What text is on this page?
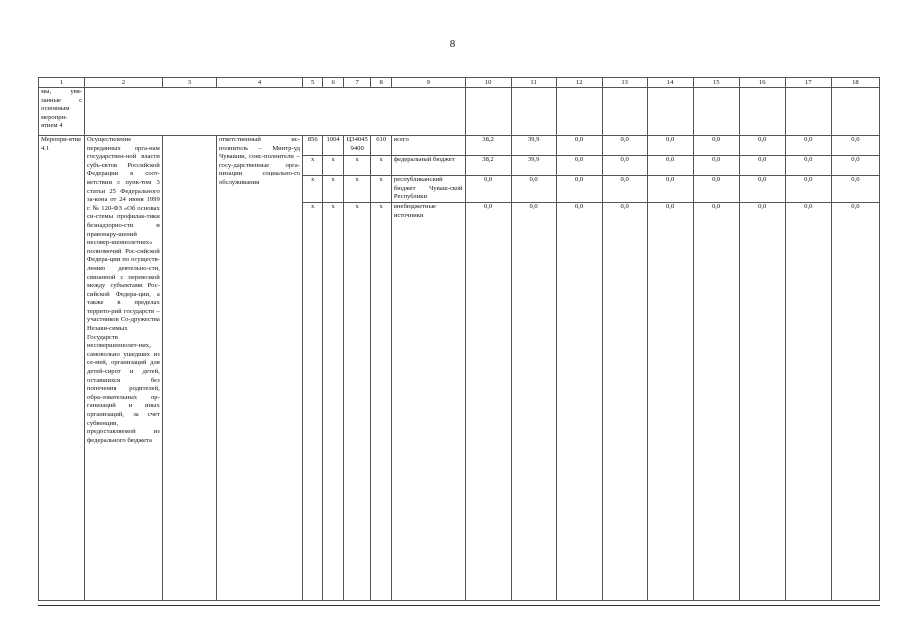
8
1	2	3	4	5	6	7	8	9	10	11	12	13	14	15	16	17	18
мы, увя-занные с основным меропри-ятием 4																	
Меропри-ятие 4.1	Осуществление переданных орга-нам государствен-ной власти субъ-ектов Российской Федерации в соот-ветствии с пунк-том 3 статьи 25 Федерального за-кона от 24 июня 1999 г. № 120-ФЗ «Об основах си-стемы профилак-тики безнадзорно-сти и правонару-шений несовер-шеннолетних» полномочий Рос-сийской Федера-ции по осуществ-лению деятельно-сти, связанной с перевозкой между субъектами Рос-сийской Федера-ции, а также в пределах террито-рий государств – участников Со-дружества Незави-симых Государств несовершеннолет-них, самовольно ушедших из се-мей, организаций для детей-сирот и детей, оставшихся без попечения родителей, обра-зовательных ор-ганизаций и иных организаций, за счет субвенции, предоставляемой из федерального бюджета		ответственный ис-полнитель – Минтр-уд Чувашии, соис-полнители – госу-дарственные орга-низации социально-го обслуживания	856	1004	Ц34045 9400	610	всего	38,2	39,9	0,0	0,0	0,0	0,0	0,0	0,0	0,0
				x	x	x	x	федеральный бюджет	38,2	39,9	0,0	0,0	0,0	0,0	0,0	0,0	0,0
				x	x	x	x	республиканский бюджет Чуваш-ской Республики	0,0	0,0	0,0	0,0	0,0	0,0	0,0	0,0	0,0
				x	x	x	x	внебюджетные источники	0,0	0,0	0,0	0,0	0,0	0,0	0,0	0,0	0,0
